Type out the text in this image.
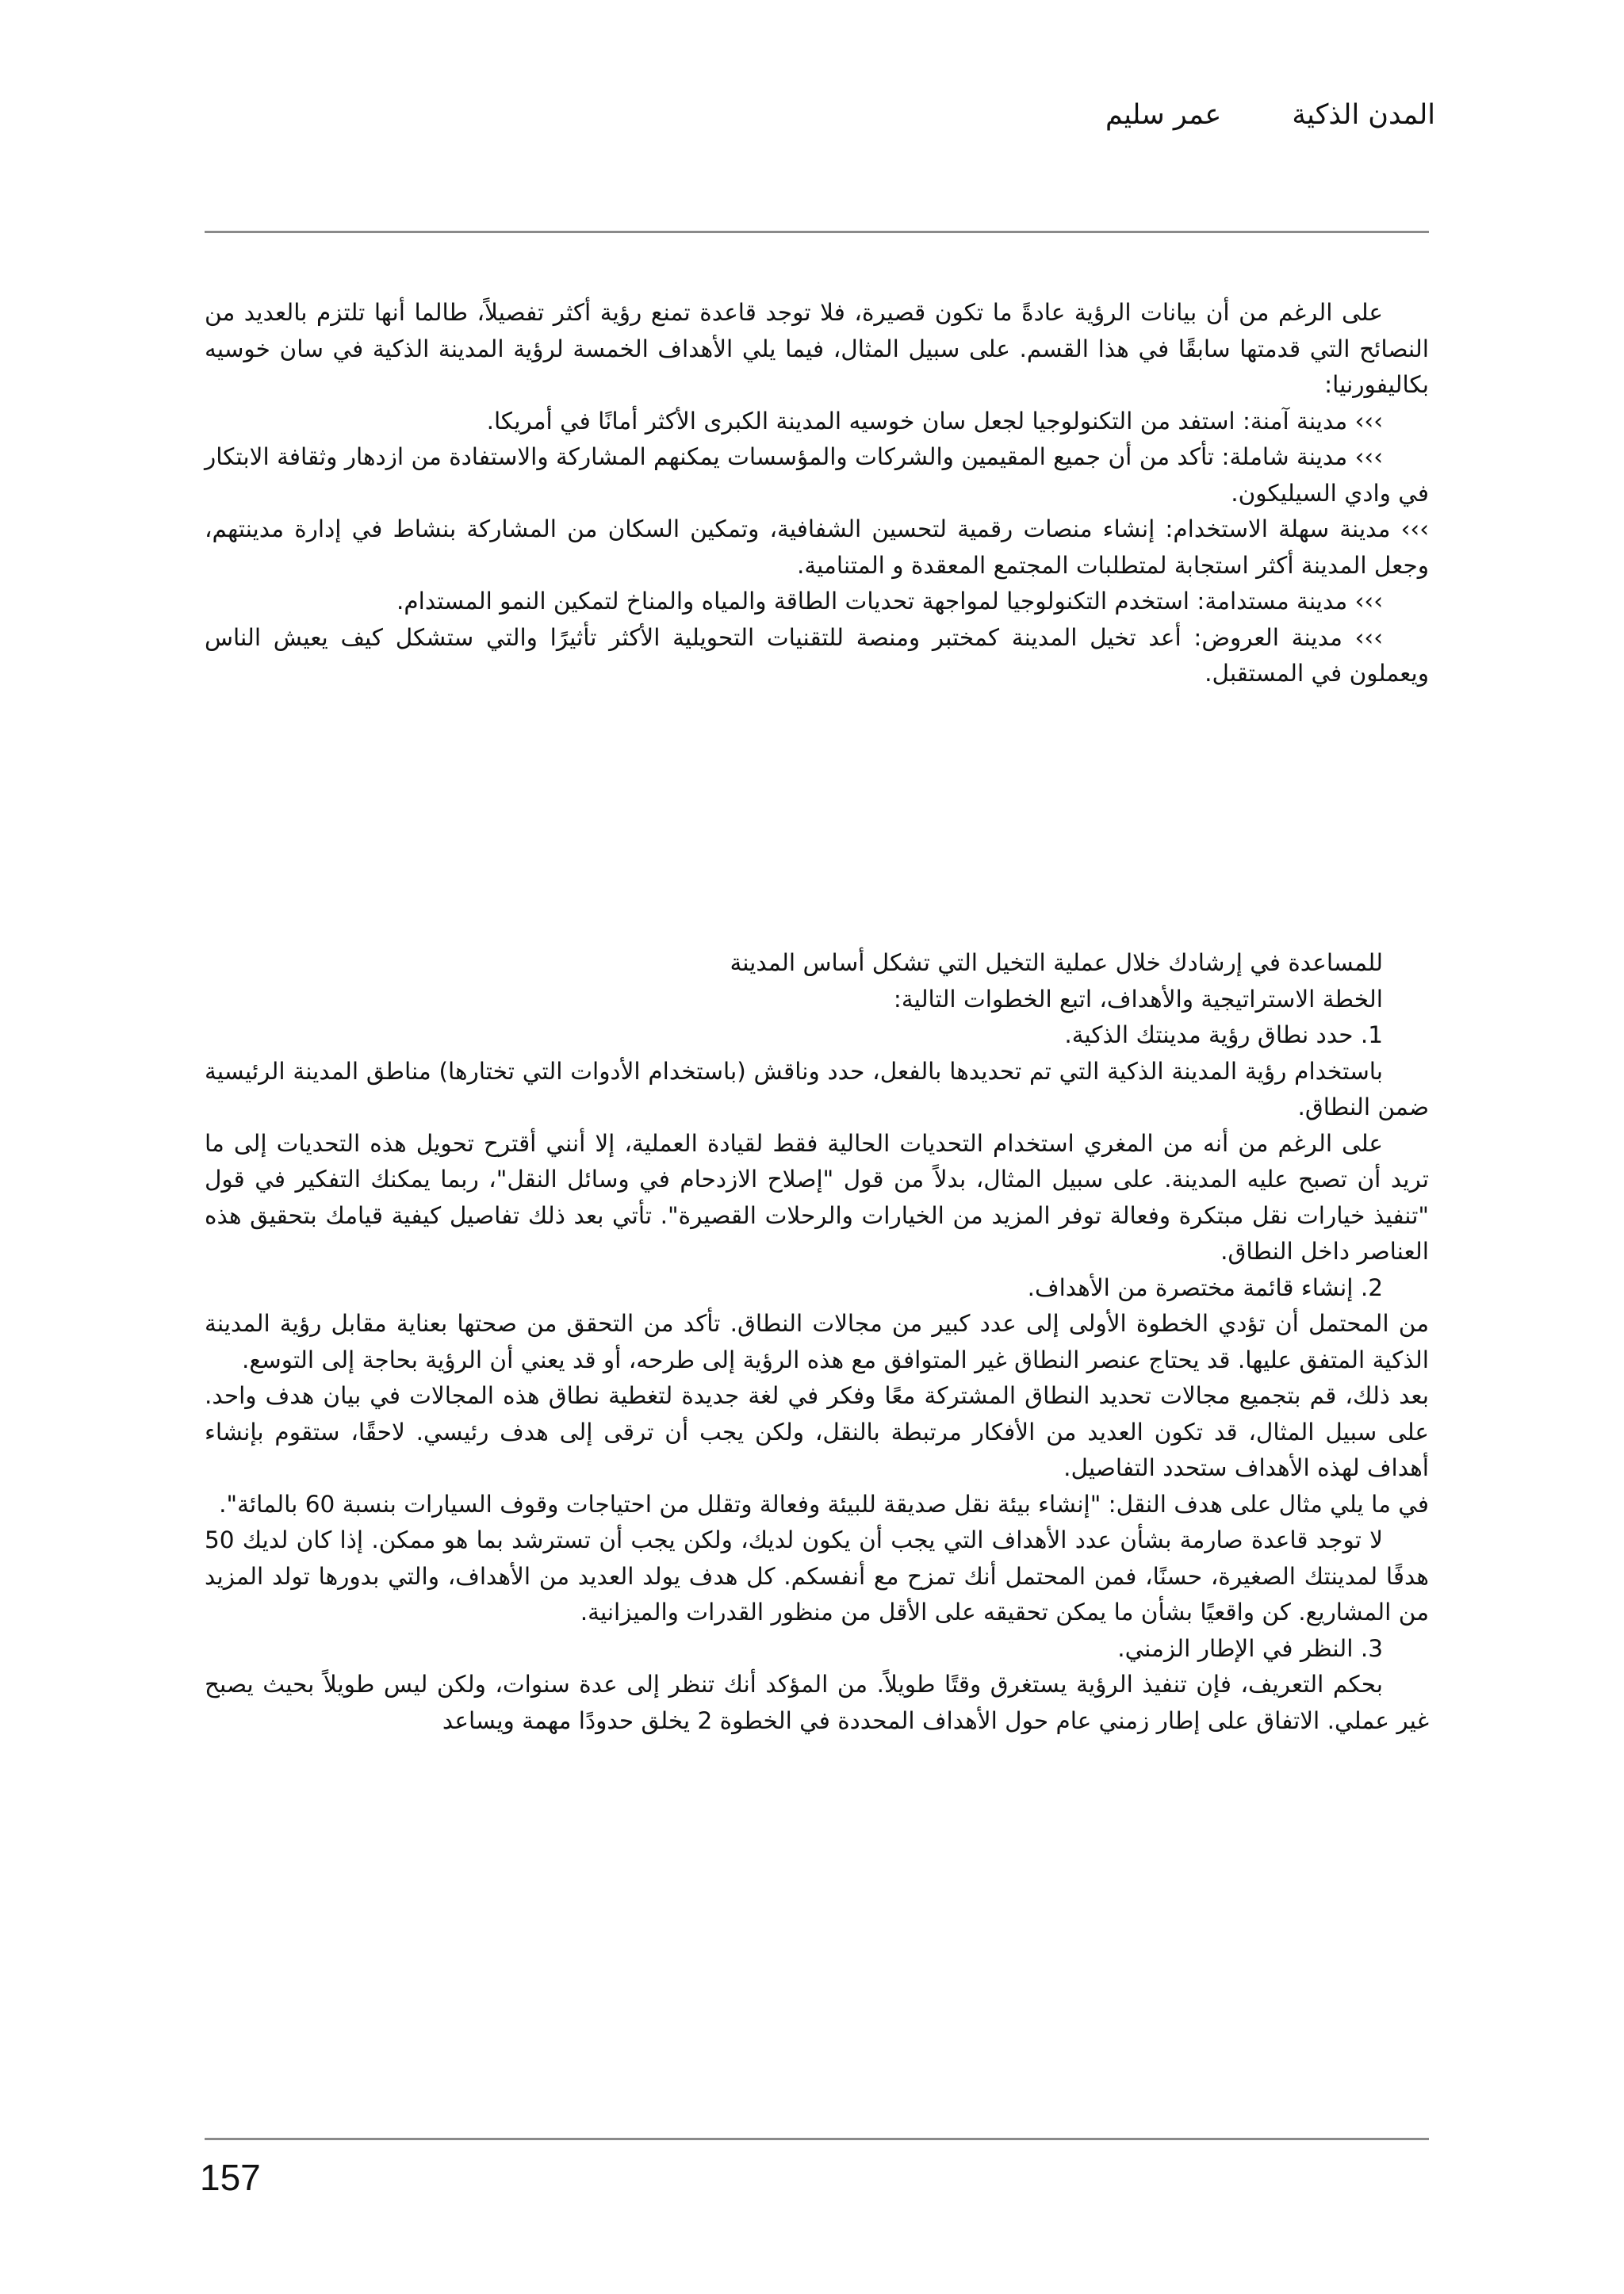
المدن الذكية عمر سليم

على الرغم من أن بيانات الرؤية عادةً ما تكون قصيرة، فلا توجد قاعدة تمنع رؤية أكثر تفصيلاً، طالما أنها تلتزم بالعديد من النصائح التي قدمتها سابقًا في هذا القسم. على سبيل المثال، فيما يلي الأهداف الخمسة لرؤية المدينة الذكية في سان خوسيه بكاليفورنيا:

››› مدينة آمنة: استفد من التكنولوجيا لجعل سان خوسيه المدينة الكبرى الأكثر أمانًا في أمريكا.

››› مدينة شاملة: تأكد من أن جميع المقيمين والشركات والمؤسسات يمكنهم المشاركة والاستفادة من ازدهار وثقافة الابتكار في وادي السيليكون.

››› مدينة سهلة الاستخدام: إنشاء منصات رقمية لتحسين الشفافية، وتمكين السكان من المشاركة بنشاط في إدارة مدينتهم، وجعل المدينة أكثر استجابة لمتطلبات المجتمع المعقدة و المتنامية.

››› مدينة مستدامة: استخدم التكنولوجيا لمواجهة تحديات الطاقة والمياه والمناخ لتمكين النمو المستدام.

››› مدينة العروض: أعد تخيل المدينة كمختبر ومنصة للتقنيات التحويلية الأكثر تأثيرًا والتي ستشكل كيف يعيش الناس ويعملون في المستقبل.

للمساعدة في إرشادك خلال عملية التخيل التي تشكل أساس المدينة

الخطة الاستراتيجية والأهداف، اتبع الخطوات التالية:

1. حدد نطاق رؤية مدينتك الذكية.

باستخدام رؤية المدينة الذكية التي تم تحديدها بالفعل، حدد وناقش (باستخدام الأدوات التي تختارها) مناطق المدينة الرئيسية ضمن النطاق.

على الرغم من أنه من المغري استخدام التحديات الحالية فقط لقيادة العملية، إلا أنني أقترح تحويل هذه التحديات إلى ما تريد أن تصبح عليه المدينة. على سبيل المثال، بدلاً من قول "إصلاح الازدحام في وسائل النقل"، ربما يمكنك التفكير في قول "تنفيذ خيارات نقل مبتكرة وفعالة توفر المزيد من الخيارات والرحلات القصيرة". تأتي بعد ذلك تفاصيل كيفية قيامك بتحقيق هذه العناصر داخل النطاق.

2. إنشاء قائمة مختصرة من الأهداف.

من المحتمل أن تؤدي الخطوة الأولى إلى عدد كبير من مجالات النطاق. تأكد من التحقق من صحتها بعناية مقابل رؤية المدينة الذكية المتفق عليها. قد يحتاج عنصر النطاق غير المتوافق مع هذه الرؤية إلى طرحه، أو قد يعني أن الرؤية بحاجة إلى التوسع.

بعد ذلك، قم بتجميع مجالات تحديد النطاق المشتركة معًا وفكر في لغة جديدة لتغطية نطاق هذه المجالات في بيان هدف واحد. على سبيل المثال، قد تكون العديد من الأفكار مرتبطة بالنقل، ولكن يجب أن ترقى إلى هدف رئيسي. لاحقًا، ستقوم بإنشاء أهداف لهذه الأهداف ستحدد التفاصيل.

في ما يلي مثال على هدف النقل: "إنشاء بيئة نقل صديقة للبيئة وفعالة وتقلل من احتياجات وقوف السيارات بنسبة 60 بالمائة".

لا توجد قاعدة صارمة بشأن عدد الأهداف التي يجب أن يكون لديك، ولكن يجب أن تسترشد بما هو ممكن. إذا كان لديك 50 هدفًا لمدينتك الصغيرة، حسنًا، فمن المحتمل أنك تمزح مع أنفسكم. كل هدف يولد العديد من الأهداف، والتي بدورها تولد المزيد من المشاريع. كن واقعيًا بشأن ما يمكن تحقيقه على الأقل من منظور القدرات والميزانية.

3. النظر في الإطار الزمني.

بحكم التعريف، فإن تنفيذ الرؤية يستغرق وقتًا طويلاً. من المؤكد أنك تنظر إلى عدة سنوات، ولكن ليس طويلاً بحيث يصبح غير عملي. الاتفاق على إطار زمني عام حول الأهداف المحددة في الخطوة 2 يخلق حدودًا مهمة ويساعد

157
